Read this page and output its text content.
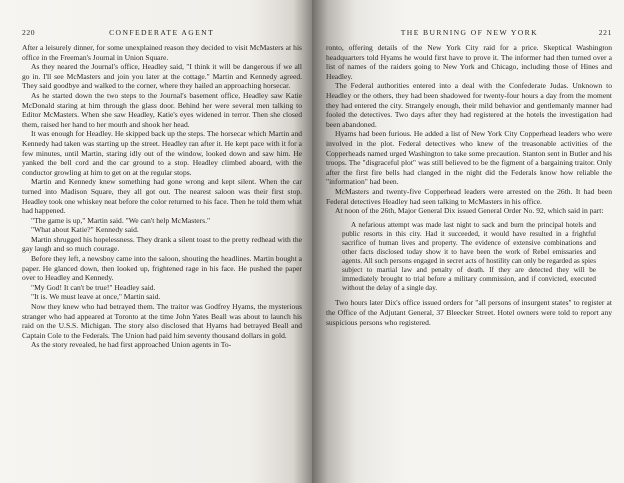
220	CONFEDERATE AGENT

After a leisurely dinner, for some unexplained reason they decided to visit McMasters at his office in the Freeman's Journal in Union Square.

As they neared the Journal's office, Headley said, "I think it will be dangerous if we all go in. I'll see McMasters and join you later at the cottage." Martin and Kennedy agreed. They said goodbye and walked to the corner, where they hailed an approaching horsecar.

As he started down the two steps to the Journal's basement office, Headley saw Katie McDonald staring at him through the glass door. Behind her were several men talking to Editor McMasters. When she saw Headley, Katie's eyes widened in terror. Then she closed them, raised her hand to her mouth and shook her head.

It was enough for Headley. He skipped back up the steps. The horsecar which Martin and Kennedy had taken was starting up the street. Headley ran after it. He kept pace with it for a few minutes, until Martin, staring idly out of the window, looked down and saw him. He yanked the bell cord and the car ground to a stop. Headley climbed aboard, with the conductor growling at him to get on at the regular stops.

Martin and Kennedy knew something had gone wrong and kept silent. When the car turned into Madison Square, they all got out. The nearest saloon was their first stop. Headley took one whiskey neat before the color returned to his face. Then he told them what had happened.

"The game is up," Martin said. "We can't help McMasters."

"What about Katie?" Kennedy said.

Martin shrugged his hopelessness. They drank a silent toast to the pretty redhead with the gay laugh and so much courage.

Before they left, a newsboy came into the saloon, shouting the headlines. Martin bought a paper. He glanced down, then looked up, frightened rage in his face. He pushed the paper over to Headley and Kennedy.

"My God! It can't be true!" Headley said.

"It is. We must leave at once," Martin said.

Now they knew who had betrayed them. The traitor was Godfrey Hyams, the mysterious stranger who had appeared at Toronto at the time John Yates Beall was about to launch his raid on the U.S.S. Michigan. The story also disclosed that Hyams had betrayed Beall and Captain Cole to the Federals. The Union had paid him seventy thousand dollars in gold.

As the story revealed, he had first approached Union agents in To-

THE BURNING OF NEW YORK	221

ronto, offering details of the New York City raid for a price. Skeptical Washington headquarters told Hyams he would first have to prove it. The informer had then turned over a list of names of the raiders going to New York and Chicago, including those of Hines and Headley.

The Federal authorities entered into a deal with the Confederate Judas. Unknown to Headley or the others, they had been shadowed for twenty-four hours a day from the moment they had entered the city. Strangely enough, their mild behavior and gentlemanly manner had fooled the detectives. Two days after they had registered at the hotels the investigation had been abandoned.

Hyams had been furious. He added a list of New York City Copperhead leaders who were involved in the plot. Federal detectives who knew of the treasonable activities of the Copperheads named urged Washington to take some precaution. Stanton sent in Butler and his troops. The "disgraceful plot" was still believed to be the figment of a bargaining traitor. Only after the first fire bells had clanged in the night did the Federals know how reliable the "information" had been.

McMasters and twenty-five Copperhead leaders were arrested on the 26th. It had been Federal detectives Headley had seen talking to McMasters in his office.

At noon of the 26th, Major General Dix issued General Order No. 92, which said in part:

A nefarious attempt was made last night to sack and burn the principal hotels and public resorts in this city. Had it succeeded, it would have resulted in a frightful sacrifice of human lives and property. The evidence of extensive combinations and other facts disclosed today show it to have been the work of Rebel emissaries and agents. All such persons engaged in secret acts of hostility can only be regarded as spies subject to martial law and penalty of death. If they are detected they will be immediately brought to trial before a military commission, and if convicted, executed without the delay of a single day.

Two hours later Dix's office issued orders for "all persons of insurgent states" to register at the Office of the Adjutant General, 37 Bleecker Street. Hotel owners were told to report any suspicious persons who registered.
